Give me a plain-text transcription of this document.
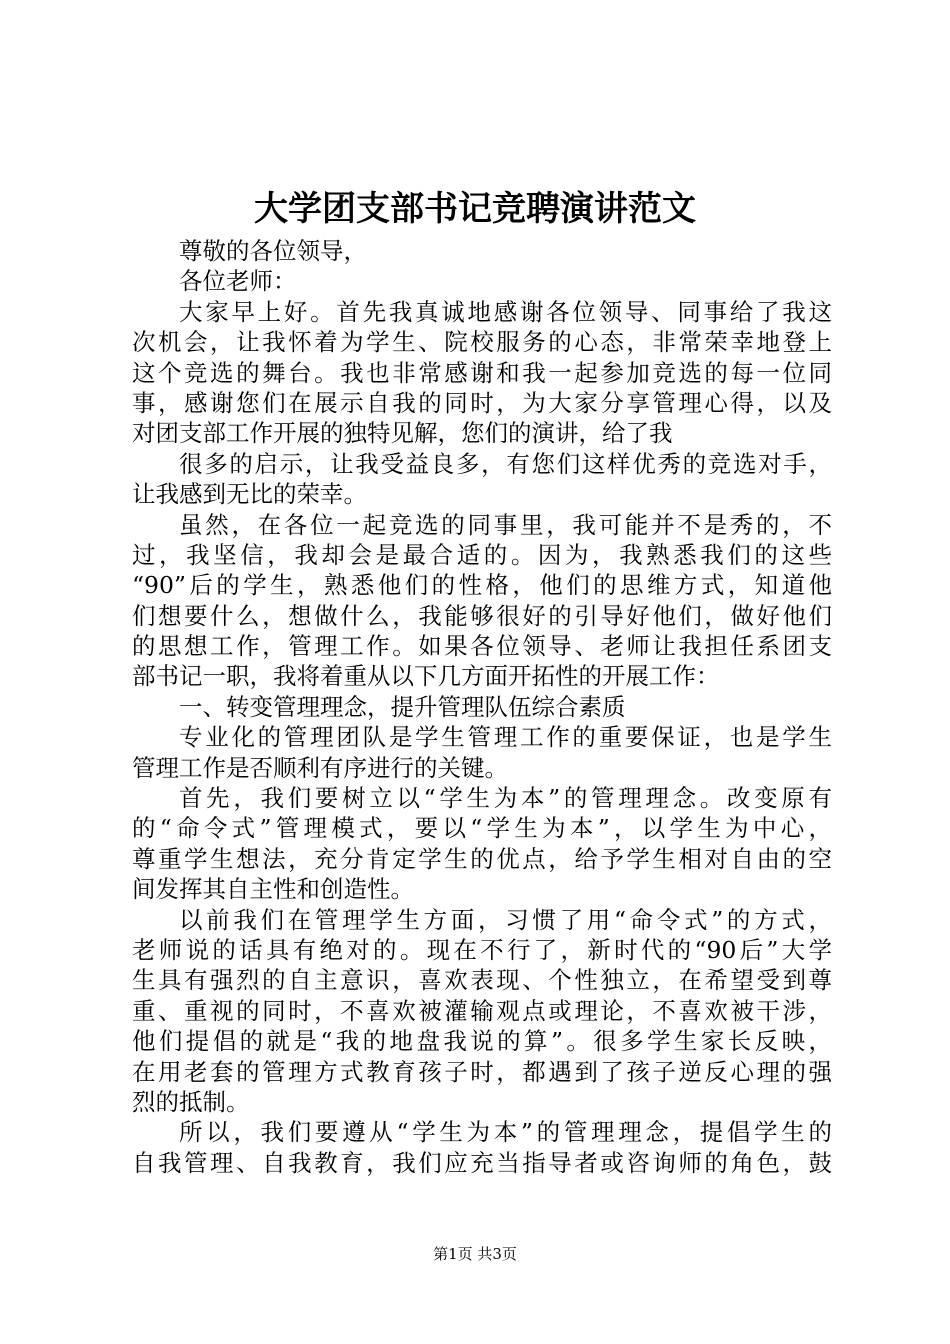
大学团支部书记竞聘演讲范文
尊敬的各位领导，
各位老师：
大家早上好。首先我真诚地感谢各位领导、同事给了我这
次机会，让我怀着为学生、院校服务的心态，非常荣幸地登上
这个竞选的舞台。我也非常感谢和我一起参加竞选的每一位同
事，感谢您们在展示自我的同时，为大家分享管理心得，以及
对团支部工作开展的独特见解，您们的演讲，给了我
很多的启示，让我受益良多，有您们这样优秀的竞选对手，
让我感到无比的荣幸。
虽然，在各位一起竞选的同事里，我可能并不是秀的，不
过，我坚信，我却会是最合适的。因为，我熟悉我们的这些
“90”后的学生，熟悉他们的性格，他们的思维方式，知道他
们想要什么，想做什么，我能够很好的引导好他们，做好他们
的思想工作，管理工作。如果各位领导、老师让我担任系团支
部书记一职，我将着重从以下几方面开拓性的开展工作：
一、转变管理理念，提升管理队伍综合素质
专业化的管理团队是学生管理工作的重要保证，也是学生
管理工作是否顺利有序进行的关键。
首先，我们要树立以“学生为本”的管理理念。改变原有
的“命令式”管理模式，要以“学生为本”，以学生为中心，
尊重学生想法，充分肯定学生的优点，给予学生相对自由的空
间发挥其自主性和创造性。
以前我们在管理学生方面，习惯了用“命令式”的方式，
老师说的话具有绝对的。现在不行了，新时代的“90后”大学
生具有强烈的自主意识，喜欢表现、个性独立，在希望受到尊
重、重视的同时，不喜欢被灌输观点或理论，不喜欢被干涉，
他们提倡的就是“我的地盘我说的算”。很多学生家长反映，
在用老套的管理方式教育孩子时，都遇到了孩子逆反心理的强
烈的抵制。
所以，我们要遵从“学生为本”的管理理念，提倡学生的
自我管理、自我教育，我们应充当指导者或咨询师的角色，鼓
第1页 共3页
